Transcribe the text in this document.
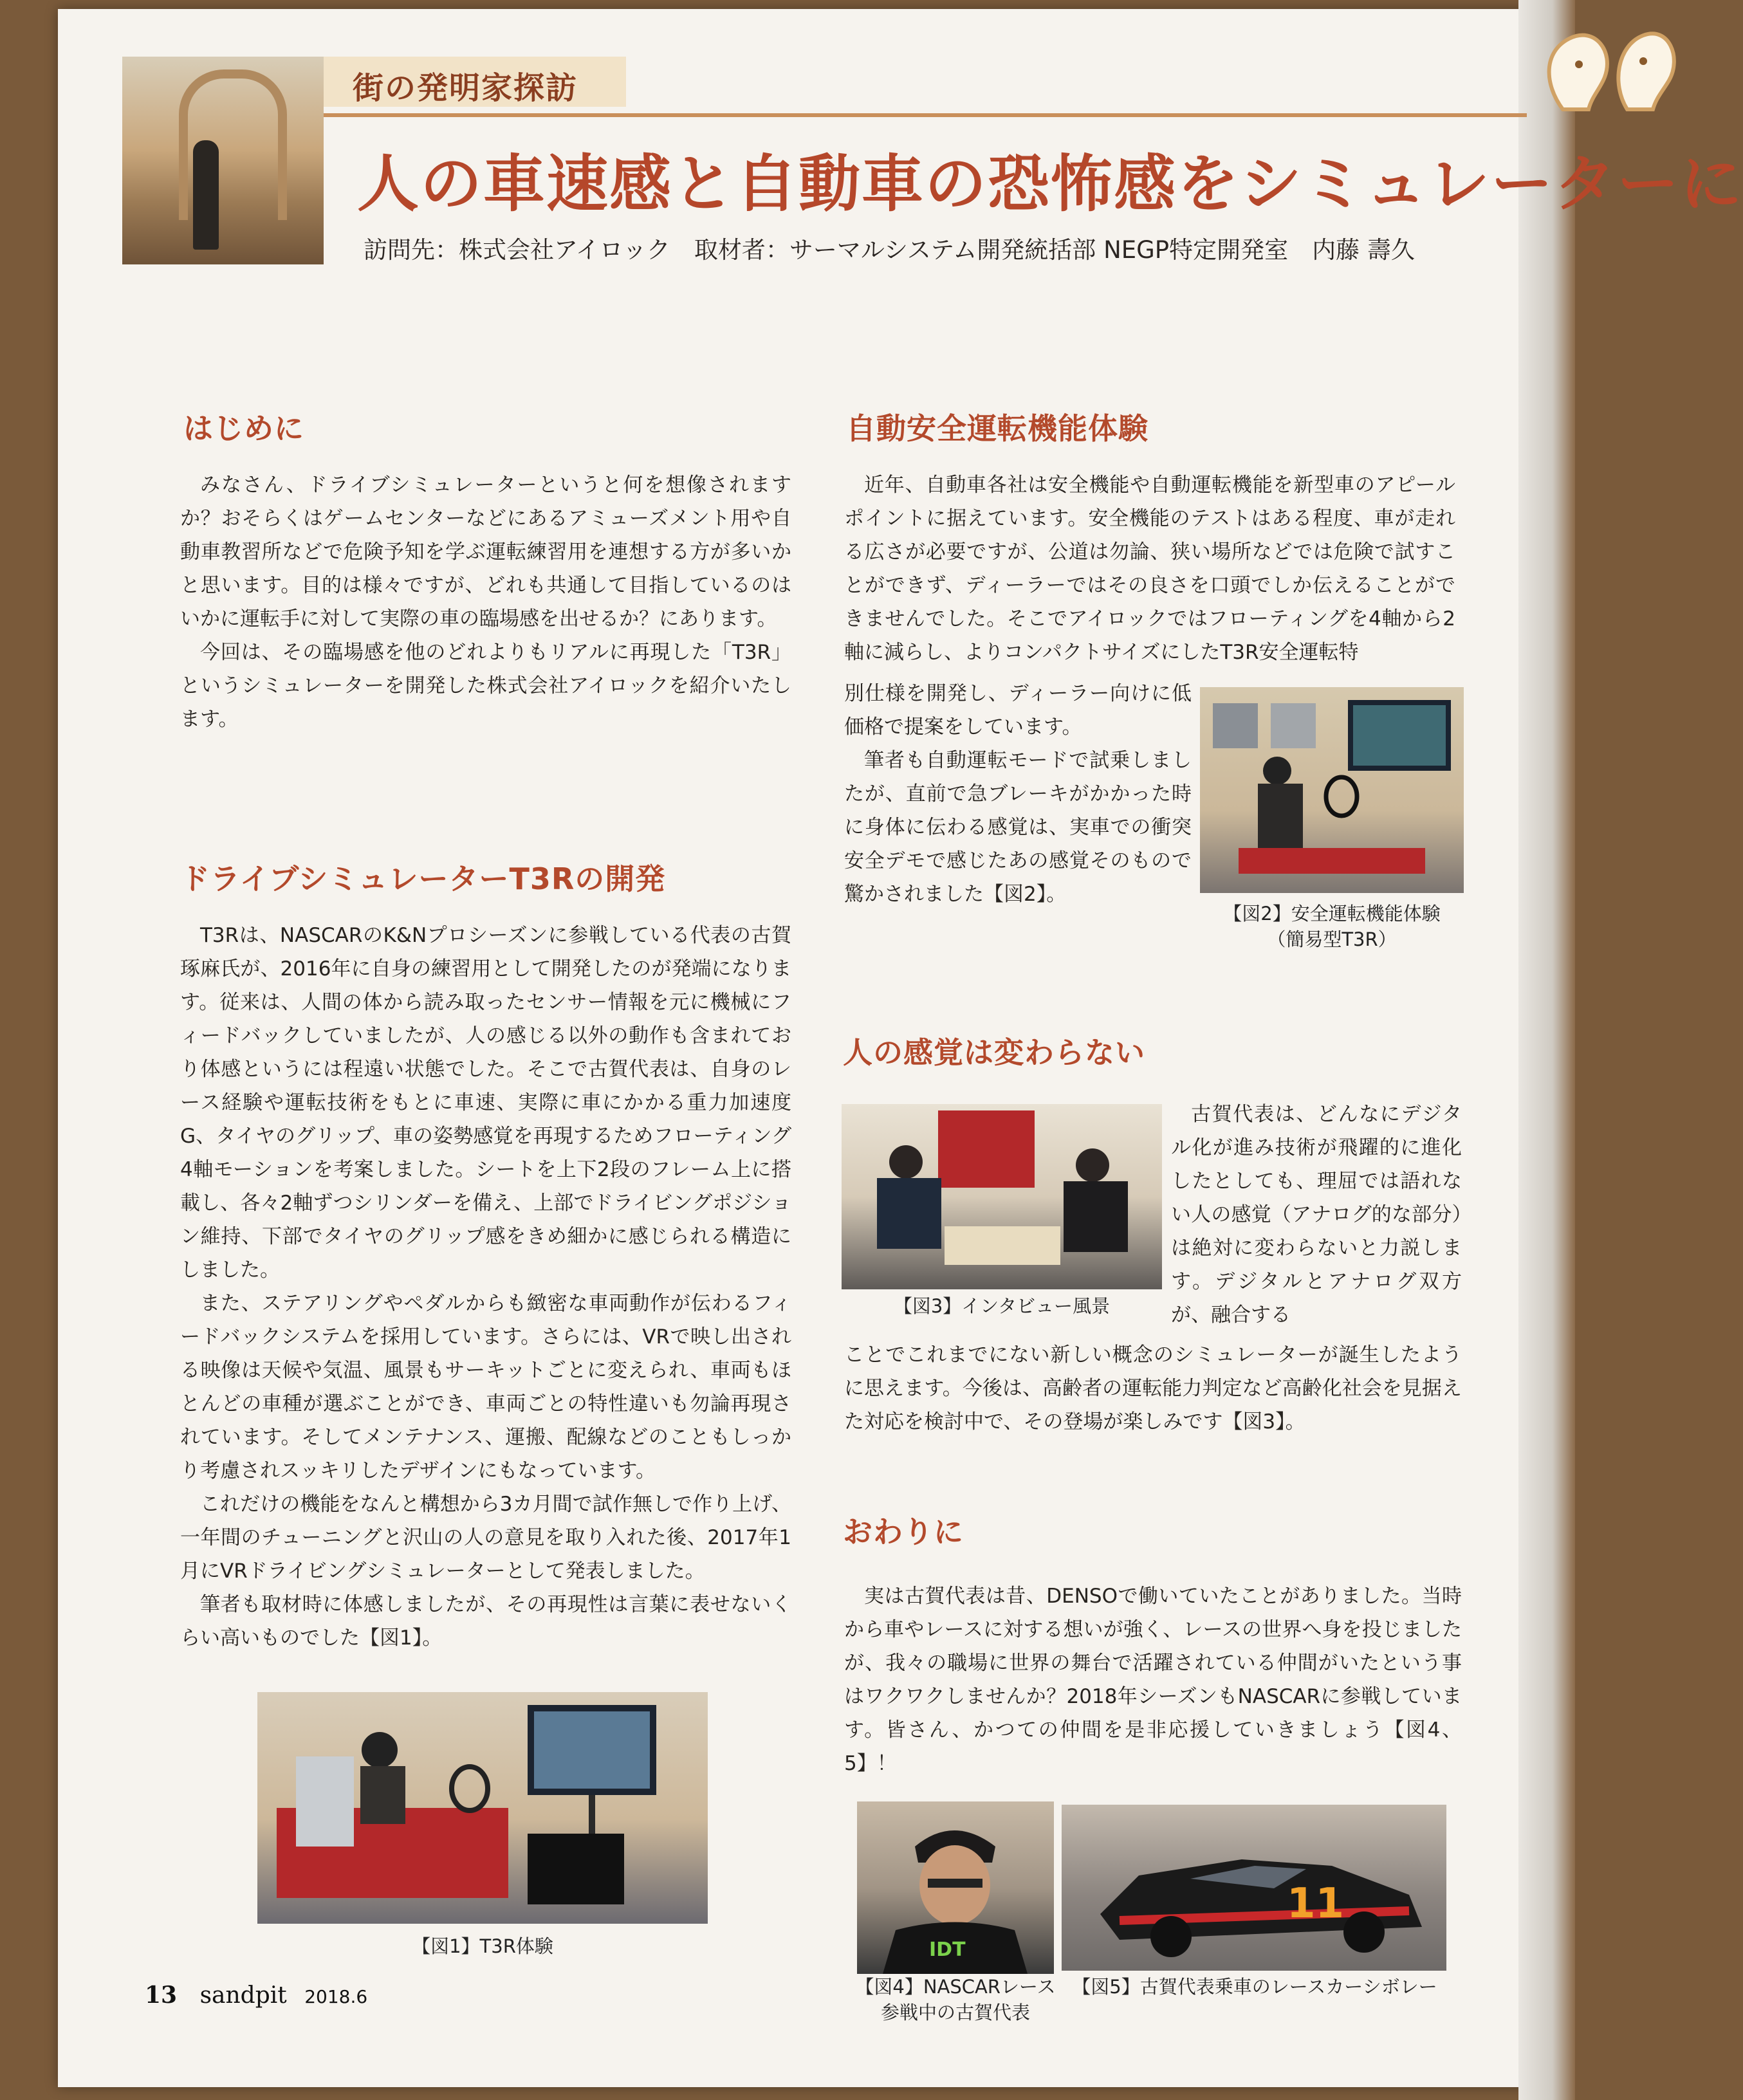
街の発明家探訪
人の車速感と自動車の恐怖感をシミュレーターに
訪問先：株式会社アイロック　取材者：サーマルシステム開発統括部 NEGP特定開発室　内藤 壽久
はじめに

みなさん、ドライブシミュレーターというと何を想像されますか？おそらくはゲームセンターなどにあるアミューズメント用や自動車教習所などで危険予知を学ぶ運転練習用を連想する方が多いかと思います。目的は様々ですが、どれも共通して目指しているのはいかに運転手に対して実際の車の臨場感を出せるか？にあります。

今回は、その臨場感を他のどれよりもリアルに再現した「T3R」というシミュレーターを開発した株式会社アイロックを紹介いたします。

ドライブシミュレーターT3Rの開発

T3Rは、NASCARのK&Nプロシーズンに参戦している代表の古賀琢麻氏が、2016年に自身の練習用として開発したのが発端になります。従来は、人間の体から読み取ったセンサー情報を元に機械にフィードバックしていましたが、人の感じる以外の動作も含まれており体感というには程遠い状態でした。そこで古賀代表は、自身のレース経験や運転技術をもとに車速、実際に車にかかる重力加速度G、タイヤのグリップ、車の姿勢感覚を再現するためフローティング4軸モーションを考案しました。シートを上下2段のフレーム上に搭載し、各々2軸ずつシリンダーを備え、上部でドライビングポジション維持、下部でタイヤのグリップ感をきめ細かに感じられる構造にしました。

また、ステアリングやペダルからも緻密な車両動作が伝わるフィードバックシステムを採用しています。さらには、VRで映し出される映像は天候や気温、風景もサーキットごとに変えられ、車両もほとんどの車種が選ぶことができ、車両ごとの特性違いも勿論再現されています。そしてメンテナンス、運搬、配線などのこともしっかり考慮されスッキリしたデザインにもなっています。

これだけの機能をなんと構想から3カ月間で試作無しで作り上げ、一年間のチューニングと沢山の人の意見を取り入れた後、2017年1月にVRドライビングシミュレーターとして発表しました。

筆者も取材時に体感しましたが、その再現性は言葉に表せないくらい高いものでした【図1】。

【図1】T3R体験
自動安全運転機能体験

近年、自動車各社は安全機能や自動運転機能を新型車のアピールポイントに据えています。安全機能のテストはある程度、車が走れる広さが必要ですが、公道は勿論、狭い場所などでは危険で試すことができず、ディーラーではその良さを口頭でしか伝えることができませんでした。そこでアイロックではフローティングを4軸から2軸に減らし、よりコンパクトサイズにしたT3R安全運転特

別仕様を開発し、ディーラー向けに低価格で提案をしています。

筆者も自動運転モードで試乗しましたが、直前で急ブレーキがかかった時に身体に伝わる感覚は、実車での衝突安全デモで感じたあの感覚そのもので驚かされました【図2】。

【図2】安全運転機能体験
（簡易型T3R）
人の感覚は変わらない
【図3】インタビュー風景

古賀代表は、どんなにデジタル化が進み技術が飛躍的に進化したとしても、理屈では語れない人の感覚（アナログ的な部分）は絶対に変わらないと力説します。デジタルとアナログ双方が、融合する

ことでこれまでにない新しい概念のシミュレーターが誕生したように思えます。今後は、高齢者の運転能力判定など高齢化社会を見据えた対応を検討中で、その登場が楽しみです【図3】。

おわりに

実は古賀代表は昔、DENSOで働いていたことがありました。当時から車やレースに対する想いが強く、レースの世界へ身を投じましたが、我々の職場に世界の舞台で活躍されている仲間がいたという事はワクワクしませんか？2018年シーズンもNASCARに参戦しています。皆さん、かつての仲間を是非応援していきましょう【図4、5】！

IDT
【図4】NASCARレース
参戦中の古賀代表
11
【図5】古賀代表乗車のレースカーシボレー
13 sandpit 2018.6
